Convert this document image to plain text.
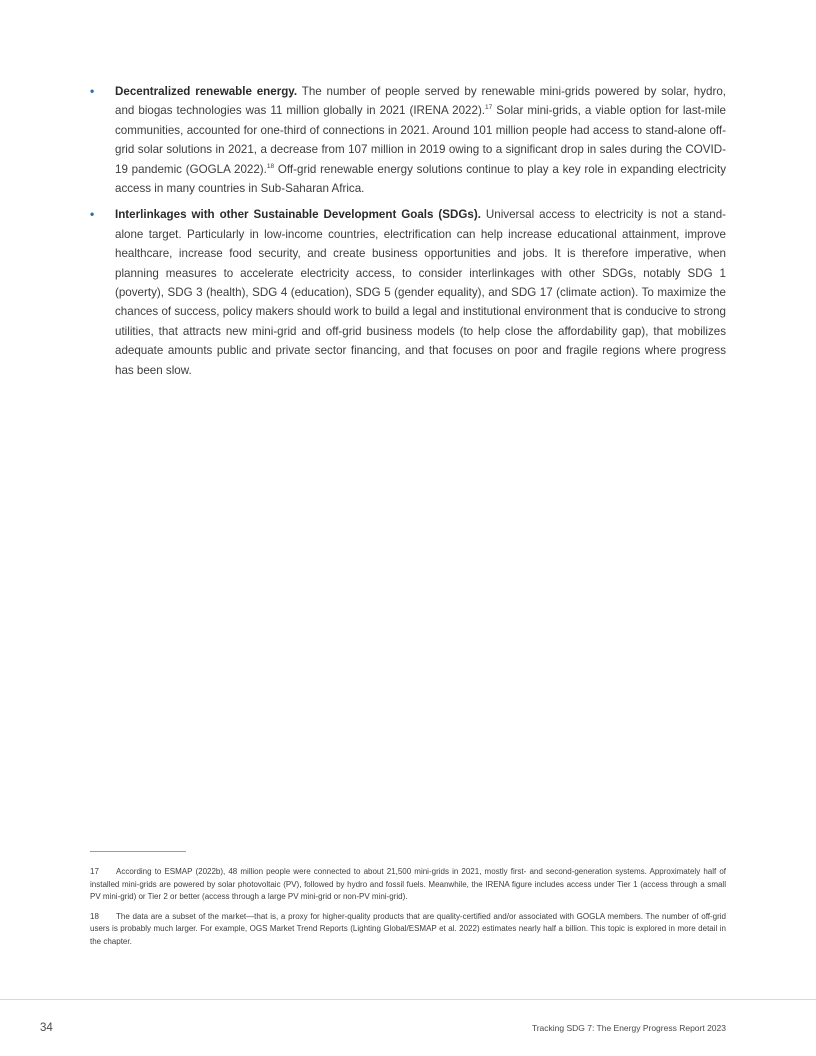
• Decentralized renewable energy. The number of people served by renewable mini-grids powered by solar, hydro, and biogas technologies was 11 million globally in 2021 (IRENA 2022).$^{17}$ Solar mini-grids, a viable option for last-mile communities, accounted for one-third of connections in 2021. Around 101 million people had access to stand-alone off-grid solar solutions in 2021, a decrease from 107 million in 2019 owing to a significant drop in sales during the COVID-19 pandemic (GOGLA 2022).$^{18}$ Off-grid renewable energy solutions continue to play a key role in expanding electricity access in many countries in Sub-Saharan Africa.
• Interlinkages with other Sustainable Development Goals (SDGs). Universal access to electricity is not a stand-alone target. Particularly in low-income countries, electrification can help increase educational attainment, improve healthcare, increase food security, and create business opportunities and jobs. It is therefore imperative, when planning measures to accelerate electricity access, to consider interlinkages with other SDGs, notably SDG 1 (poverty), SDG 3 (health), SDG 4 (education), SDG 5 (gender equality), and SDG 17 (climate action). To maximize the chances of success, policy makers should work to build a legal and institutional environment that is conducive to strong utilities, that attracts new mini-grid and off-grid business models (to help close the affordability gap), that mobilizes adequate amounts public and private sector financing, and that focuses on poor and fragile regions where progress has been slow.
17 According to ESMAP (2022b), 48 million people were connected to about 21,500 mini-grids in 2021, mostly first- and second-generation systems. Approximately half of installed mini-grids are powered by solar photovoltaic (PV), followed by hydro and fossil fuels. Meanwhile, the IRENA figure includes access under Tier 1 (access through a small PV mini-grid) or Tier 2 or better (access through a large PV mini-grid or non-PV mini-grid).
18 The data are a subset of the market—that is, a proxy for higher-quality products that are quality-certified and/or associated with GOGLA members. The number of off-grid users is probably much larger. For example, OGS Market Trend Reports (Lighting Global/ESMAP et al. 2022) estimates nearly half a billion. This topic is explored in more detail in the chapter.
34	Tracking SDG 7: The Energy Progress Report 2023
